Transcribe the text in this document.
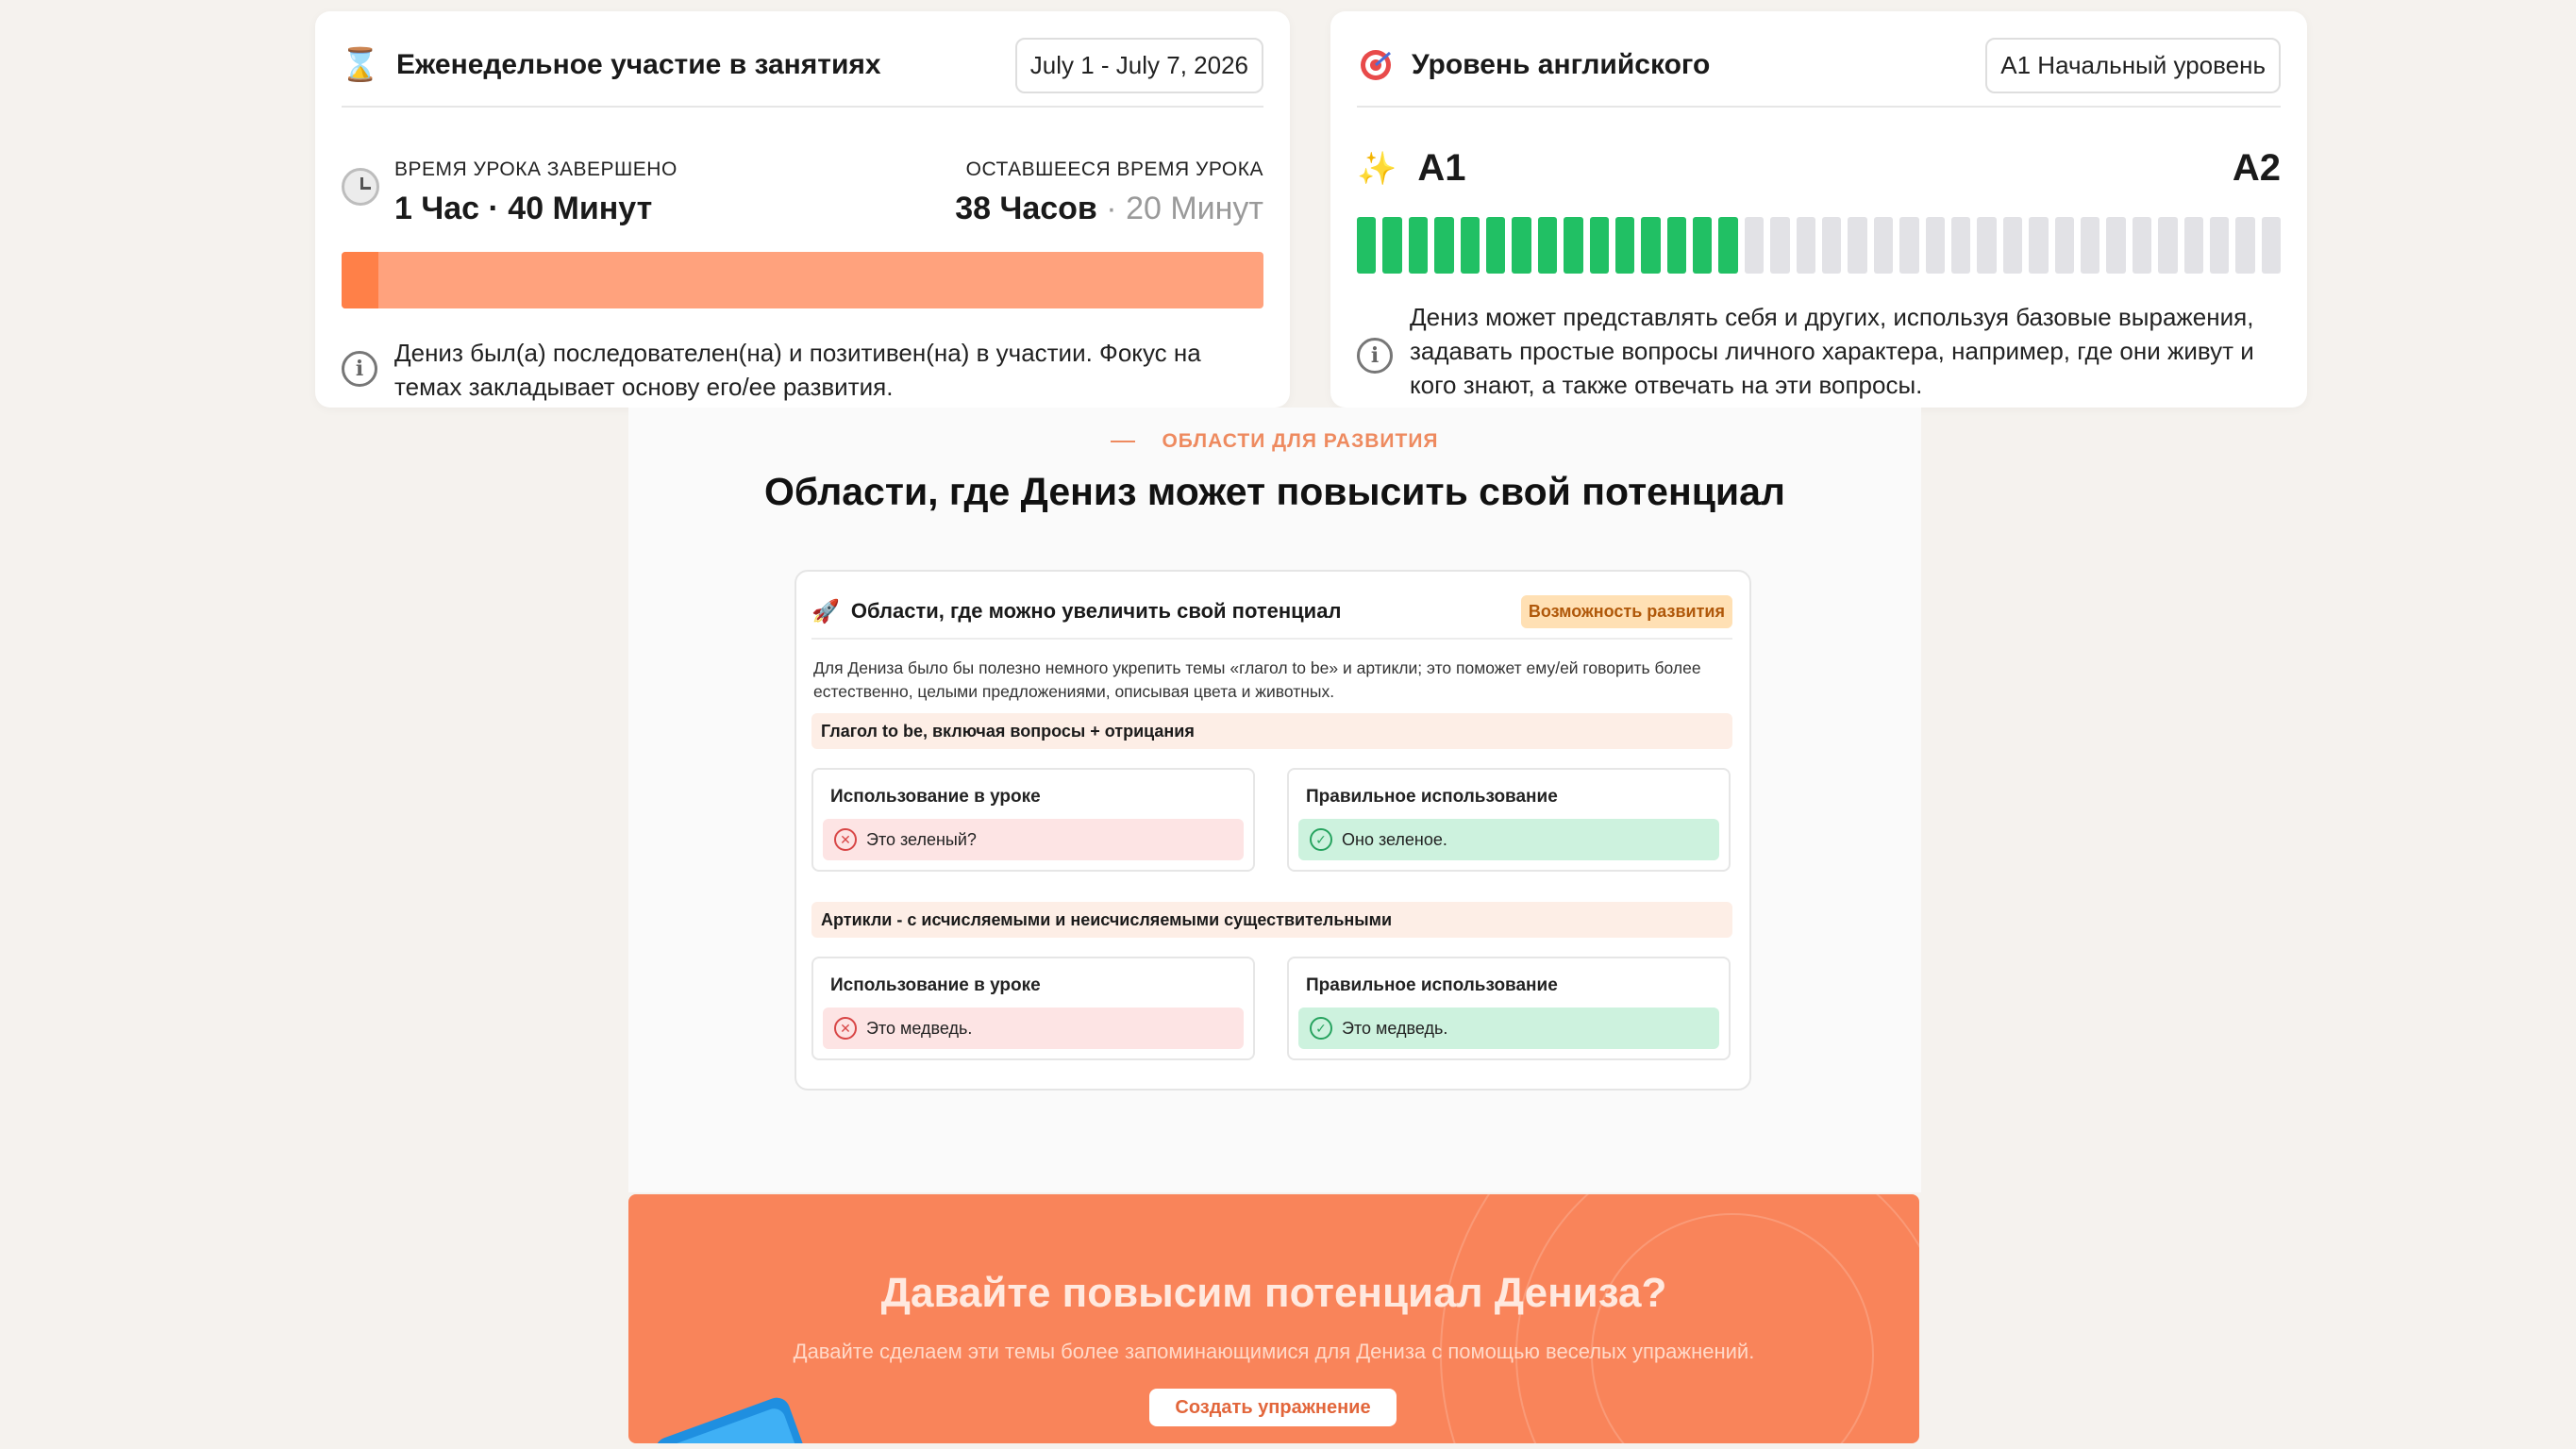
⌛ Еженедельное участие в занятиях	July 1 - July 7, 2026
ВРЕМЯ УРОКА ЗАВЕРШЕНО
1 Час · 40 Минут
ОСТАВШЕЕСЯ ВРЕМЯ УРОКА
38 Часов · 20 Минут
i
Дениз был(а) последователен(на) и позитивен(на) в участии. Фокус на темах закладывает основу его/ее развития.
Уровень английского	A1 Начальный уровень
✨ A1	A2
i
Дениз может представлять себя и других, используя базовые выражения, задавать простые вопросы личного характера, например, где они живут и кого знают, а также отвечать на эти вопросы.
ОБЛАСТИ ДЛЯ РАЗВИТИЯ
Области, где Дениз может повысить свой потенциал
🚀 Области, где можно увеличить свой потенциал	Возможность развития
Для Дениза было бы полезно немного укрепить темы «глагол to be» и артикли; это поможет ему/ей говорить более естественно, целыми предложениями, описывая цвета и животных.
Глагол to be, включая вопросы + отрицания
Использование в уроке
✕ Это зеленый?
Правильное использование
✓ Оно зеленое.
Артикли - с исчисляемыми и неисчисляемыми существительными
Использование в уроке
✕ Это медведь.
Правильное использование
✓ Это медведь.
Давайте повысим потенциал Дениза?
Давайте сделаем эти темы более запоминающимися для Дениза с помощью веселых упражнений.
Создать упражнение
